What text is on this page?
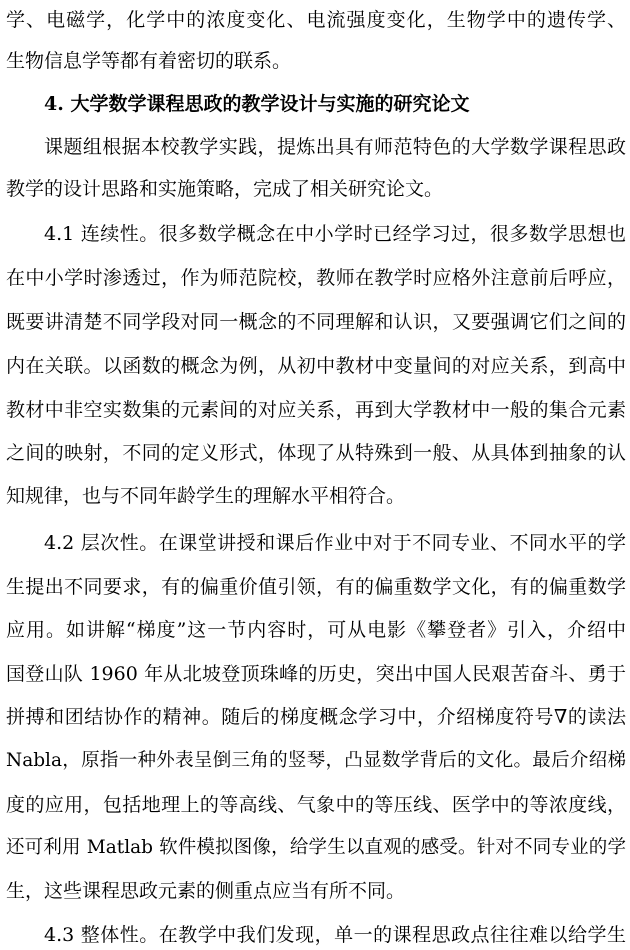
学、电磁学，化学中的浓度变化、电流强度变化，生物学中的遗传学、
生物信息学等都有着密切的联系。
4. 大学数学课程思政的教学设计与实施的研究论文
课题组根据本校教学实践，提炼出具有师范特色的大学数学课程思政
教学的设计思路和实施策略，完成了相关研究论文。
4.1 连续性。很多数学概念在中小学时已经学习过，很多数学思想也
在中小学时渗透过，作为师范院校，教师在教学时应格外注意前后呼应，
既要讲清楚不同学段对同一概念的不同理解和认识，又要强调它们之间的
内在关联。以函数的概念为例，从初中教材中变量间的对应关系，到高中
教材中非空实数集的元素间的对应关系，再到大学教材中一般的集合元素
之间的映射，不同的定义形式，体现了从特殊到一般、从具体到抽象的认
知规律，也与不同年龄学生的理解水平相符合。
4.2 层次性。在课堂讲授和课后作业中对于不同专业、不同水平的学
生提出不同要求，有的偏重价值引领，有的偏重数学文化，有的偏重数学
应用。如讲解“梯度”这一节内容时，可从电影《攀登者》引入，介绍中
国登山队 1960 年从北坡登顶珠峰的历史，突出中国人民艰苦奋斗、勇于
拼搏和团结协作的精神。随后的梯度概念学习中，介绍梯度符号∇的读法
Nabla，原指一种外表呈倒三角的竖琴，凸显数学背后的文化。最后介绍梯
度的应用，包括地理上的等高线、气象中的等压线、医学中的等浓度线，
还可利用 Matlab 软件模拟图像，给学生以直观的感受。针对不同专业的学
生，这些课程思政元素的侧重点应当有所不同。
4.3 整体性。在教学中我们发现，单一的课程思政点往往难以给学生
